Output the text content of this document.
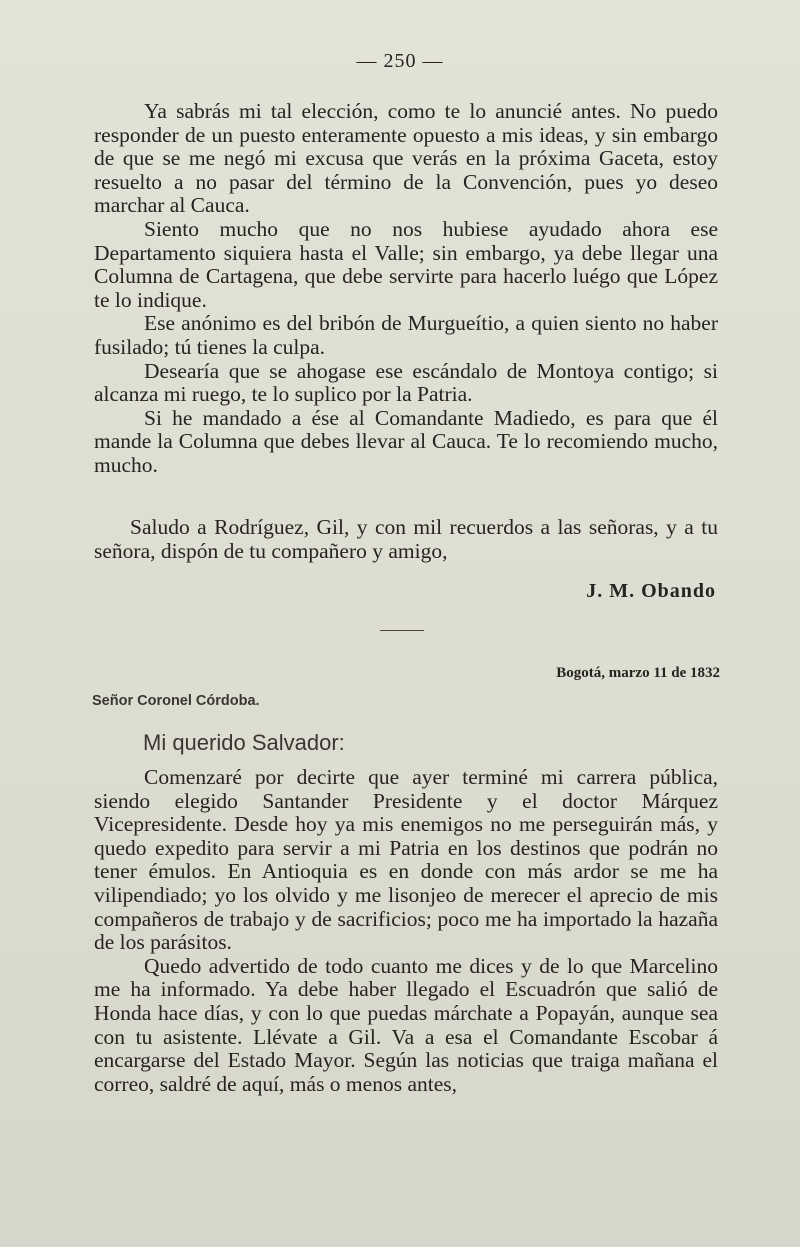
— 250 —

Ya sabrás mi tal elección, como te lo anuncié antes. No puedo responder de un puesto enteramente opuesto a mis ideas, y sin embargo de que se me negó mi excusa que verás en la próxima Gaceta, estoy resuelto a no pasar del término de la Convención, pues yo deseo marchar al Cauca.

Siento mucho que no nos hubiese ayudado ahora ese Departamento siquiera hasta el Valle; sin embargo, ya debe llegar una Columna de Cartagena, que debe servirte para hacerlo luégo que López te lo indique.

Ese anónimo es del bribón de Murgueítio, a quien siento no haber fusilado; tú tienes la culpa.

Desearía que se ahogase ese escándalo de Montoya contigo; si alcanza mi ruego, te lo suplico por la Patria.

Si he mandado a ése al Comandante Madiedo, es para que él mande la Columna que debes llevar al Cauca. Te lo recomiendo mucho, mucho.

Saludo a Rodríguez, Gil, y con mil recuerdos a las señoras, y a tu señora, dispón de tu compañero y amigo,

J. M. Obando
Bogotá, marzo 11 de 1832
Señor Coronel Córdoba.
Mi querido Salvador:

Comenzaré por decirte que ayer terminé mi carrera pública, siendo elegido Santander Presidente y el doctor Márquez Vicepresidente. Desde hoy ya mis enemigos no me perseguirán más, y quedo expedito para servir a mi Patria en los destinos que podrán no tener émulos. En Antioquia es en donde con más ardor se me ha vilipendiado; yo los olvido y me lisonjeo de merecer el aprecio de mis compañeros de trabajo y de sacrificios; poco me ha importado la hazaña de los parásitos.

Quedo advertido de todo cuanto me dices y de lo que Marcelino me ha informado. Ya debe haber llegado el Escuadrón que salió de Honda hace días, y con lo que puedas márchate a Popayán, aunque sea con tu asistente. Llévate a Gil. Va a esa el Comandante Escobar á encargarse del Estado Mayor. Según las noticias que traiga mañana el correo, saldré de aquí, más o menos antes,
